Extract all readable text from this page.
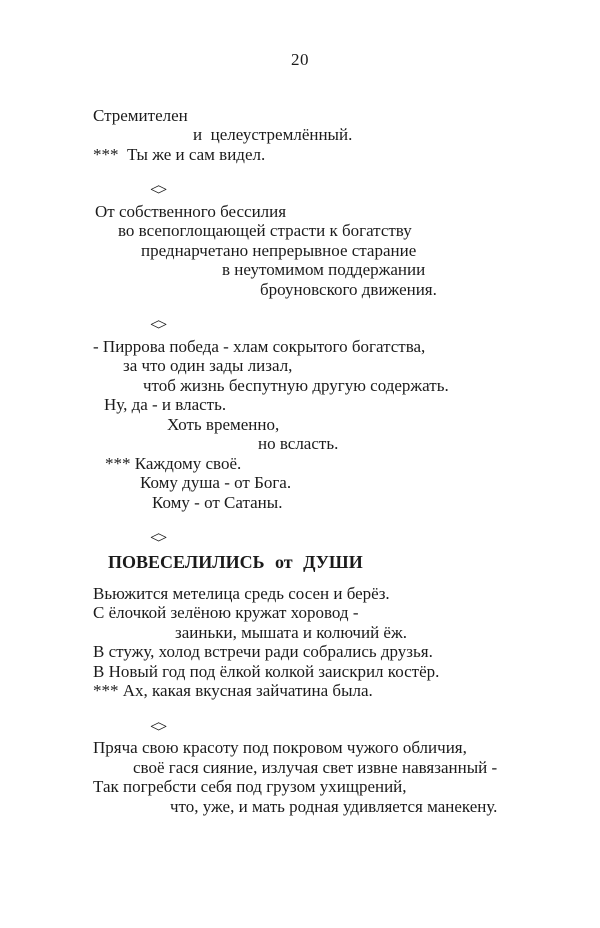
20
Стремителен
и  целеустремлённый.
***  Ты же и сам видел.
<>
От собственного бессилия
во всепоглощающей страсти к богатству
преднарчетано непрерывное старание
в неутомимом поддержании
броуновского движения.
<>
- Пиррова победа - хлам сокрытого богатства,
за что один зады лизал,
чтоб жизнь беспутную другую содержать.
Ну, да - и власть.
Хоть временно,
но всласть.
*** Каждому своё.
Кому душа - от Бога.
Кому - от Сатаны.
<>
ПОВЕСЕЛИЛИСЬ от ДУШИ
Вьюжится метелица средь сосен и берёз.
С ёлочкой зелёною кружат хоровод -
заиньки, мышата и колючий ёж.
В стужу, холод встречи ради собрались друзья.
В Новый год под ёлкой колкой заискрил костёр.
*** Ах, какая вкусная зайчатина была.
<>
Пряча свою красоту под покровом чужого обличия,
своё гася сияние, излучая свет извне навязанный -
Так погребсти себя под грузом ухищрений,
что, уже, и мать родная удивляется манекену.
